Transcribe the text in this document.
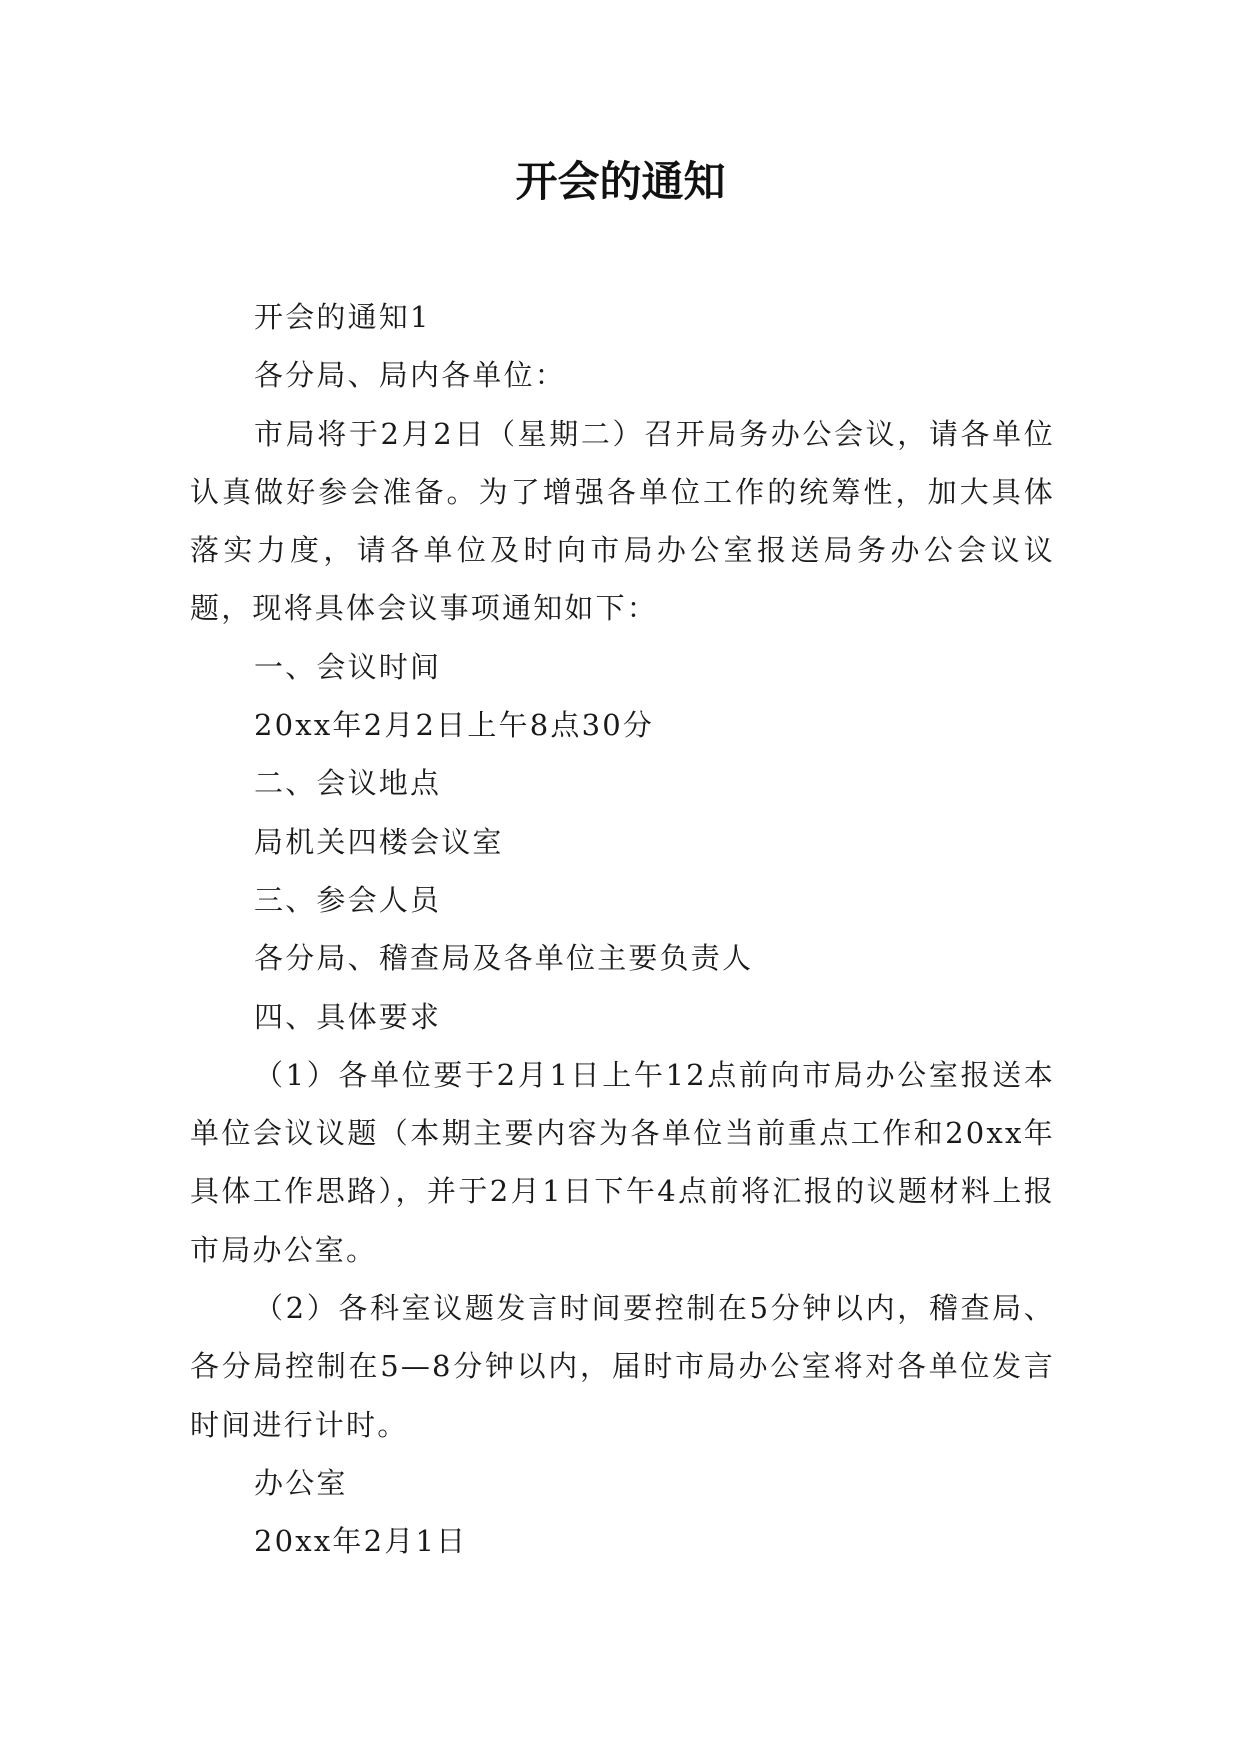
开会的通知

开会的通知1

各分局、局内各单位：

市局将于2月2日（星期二）召开局务办公会议，请各单位认真做好参会准备。为了增强各单位工作的统筹性，加大具体落实力度，请各单位及时向市局办公室报送局务办公会议议题，现将具体会议事项通知如下：

一、会议时间

20xx年2月2日上午8点30分

二、会议地点

局机关四楼会议室

三、参会人员

各分局、稽查局及各单位主要负责人

四、具体要求

（1）各单位要于2月1日上午12点前向市局办公室报送本单位会议议题（本期主要内容为各单位当前重点工作和20xx年具体工作思路），并于2月1日下午4点前将汇报的议题材料上报市局办公室。

（2）各科室议题发言时间要控制在5分钟以内，稽查局、各分局控制在5—8分钟以内，届时市局办公室将对各单位发言时间进行计时。

办公室

20xx年2月1日
